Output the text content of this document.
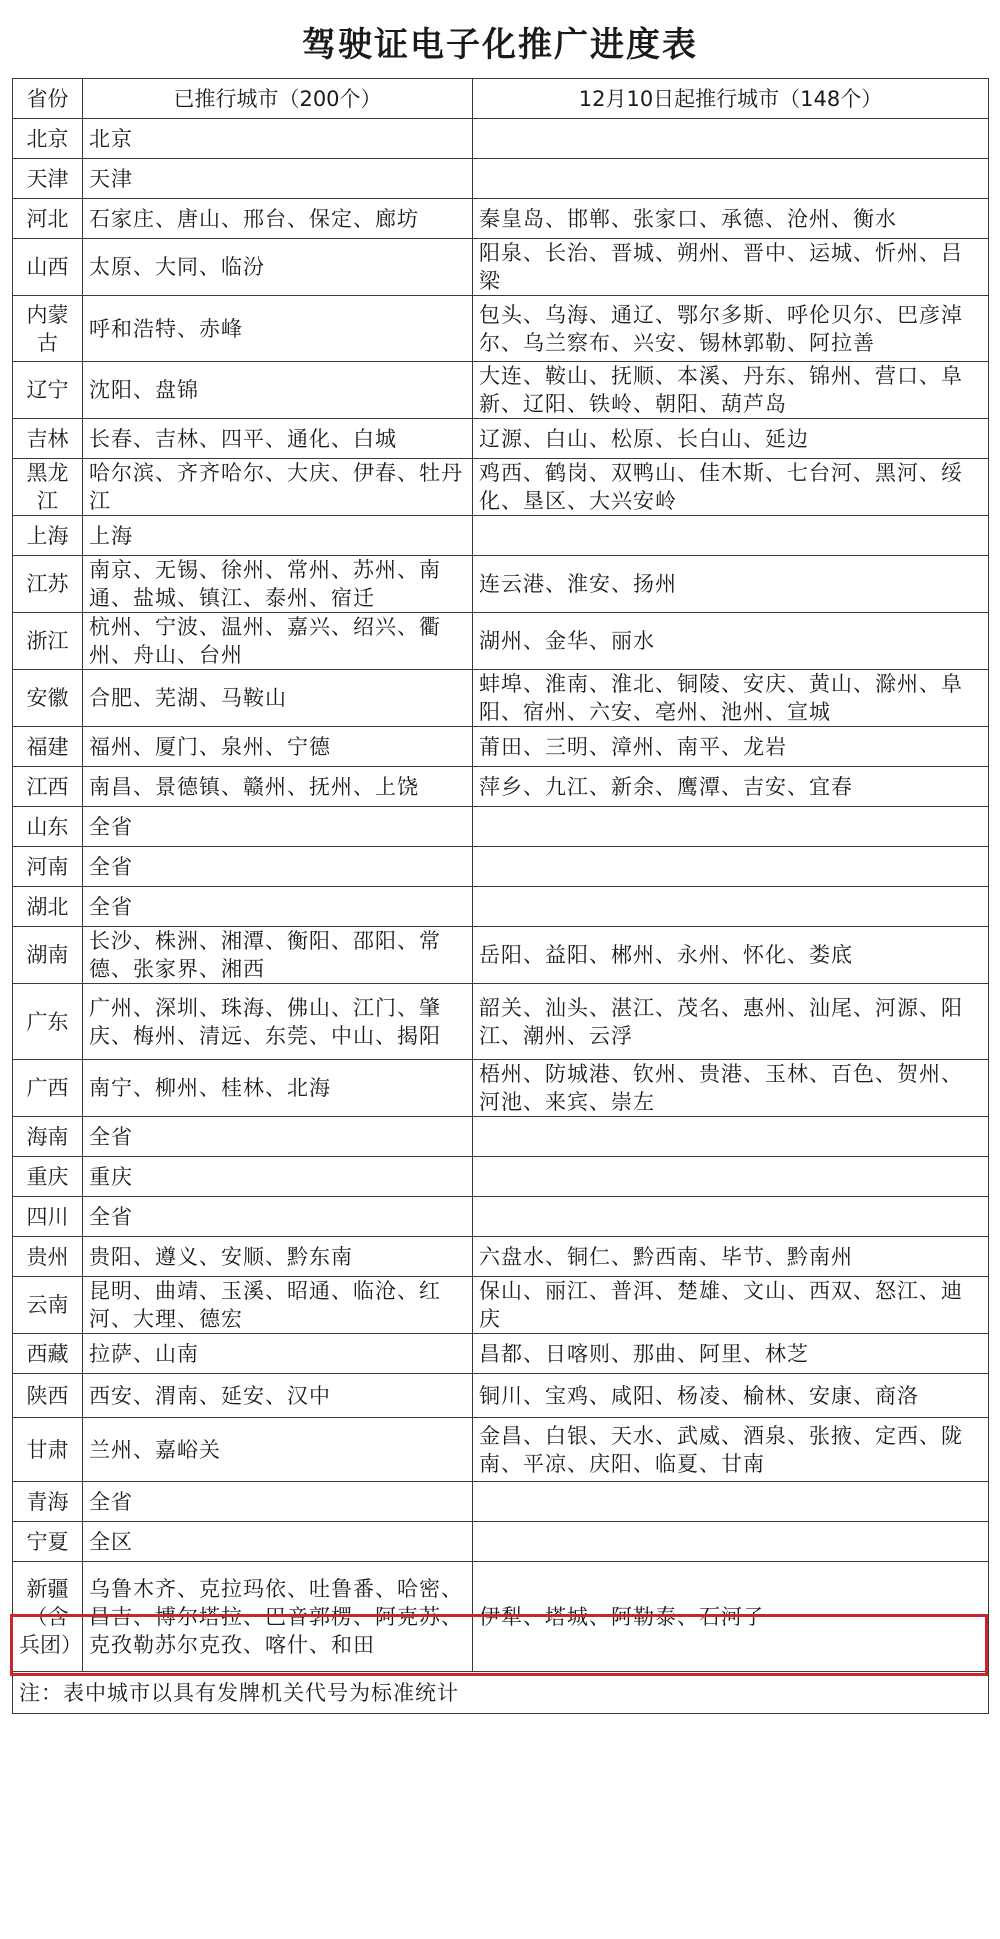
驾驶证电子化推广进度表
省份	已推行城市（200个）	12月10日起推行城市（148个）
北京	北京	
天津	天津	
河北	石家庄、唐山、邢台、保定、廊坊	秦皇岛、邯郸、张家口、承德、沧州、衡水
山西	太原、大同、临汾	阳泉、长治、晋城、朔州、晋中、运城、忻州、吕梁
内蒙古	呼和浩特、赤峰	包头、乌海、通辽、鄂尔多斯、呼伦贝尔、巴彦淖尔、乌兰察布、兴安、锡林郭勒、阿拉善
辽宁	沈阳、盘锦	大连、鞍山、抚顺、本溪、丹东、锦州、营口、阜新、辽阳、铁岭、朝阳、葫芦岛
吉林	长春、吉林、四平、通化、白城	辽源、白山、松原、长白山、延边
黑龙江	哈尔滨、齐齐哈尔、大庆、伊春、牡丹江	鸡西、鹤岗、双鸭山、佳木斯、七台河、黑河、绥化、垦区、大兴安岭
上海	上海	
江苏	南京、无锡、徐州、常州、苏州、南通、盐城、镇江、泰州、宿迁	连云港、淮安、扬州
浙江	杭州、宁波、温州、嘉兴、绍兴、衢州、舟山、台州	湖州、金华、丽水
安徽	合肥、芜湖、马鞍山	蚌埠、淮南、淮北、铜陵、安庆、黄山、滁州、阜阳、宿州、六安、亳州、池州、宣城
福建	福州、厦门、泉州、宁德	莆田、三明、漳州、南平、龙岩
江西	南昌、景德镇、赣州、抚州、上饶	萍乡、九江、新余、鹰潭、吉安、宜春
山东	全省	
河南	全省	
湖北	全省	
湖南	长沙、株洲、湘潭、衡阳、邵阳、常德、张家界、湘西	岳阳、益阳、郴州、永州、怀化、娄底
广东	广州、深圳、珠海、佛山、江门、肇庆、梅州、清远、东莞、中山、揭阳	韶关、汕头、湛江、茂名、惠州、汕尾、河源、阳江、潮州、云浮
广西	南宁、柳州、桂林、北海	梧州、防城港、钦州、贵港、玉林、百色、贺州、河池、来宾、崇左
海南	全省	
重庆	重庆	
四川	全省	
贵州	贵阳、遵义、安顺、黔东南	六盘水、铜仁、黔西南、毕节、黔南州
云南	昆明、曲靖、玉溪、昭通、临沧、红河、大理、德宏	保山、丽江、普洱、楚雄、文山、西双、怒江、迪庆
西藏	拉萨、山南	昌都、日喀则、那曲、阿里、林芝
陕西	西安、渭南、延安、汉中	铜川、宝鸡、咸阳、杨凌、榆林、安康、商洛
甘肃	兰州、嘉峪关	金昌、白银、天水、武威、酒泉、张掖、定西、陇南、平凉、庆阳、临夏、甘南
青海	全省	
宁夏	全区	
新疆（含兵团）	乌鲁木齐、克拉玛依、吐鲁番、哈密、昌吉、博尔塔拉、巴音郭楞、阿克苏、克孜勒苏尔克孜、喀什、和田	伊犁、塔城、阿勒泰、石河子
注：表中城市以具有发牌机关代号为标准统计		
